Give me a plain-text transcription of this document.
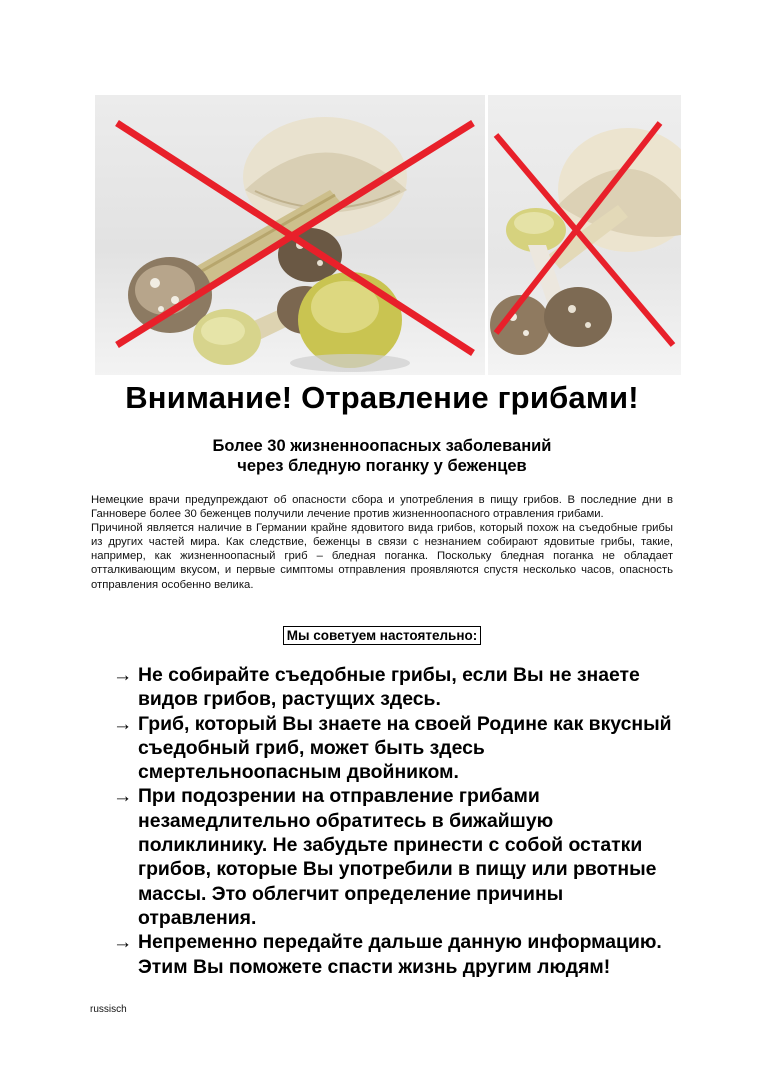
Внимание! Отравление грибами!
Более 30 жизненноопасных заболеваний
через бледную поганку у беженцев

Немецкие врачи предупреждают об опасности сбора и употребления в пищу грибов. В последние дни в Ганновере более 30 беженцев получили лечение против жизненноопасного отравления грибами.

Причиной является наличие в Германии крайне ядовитого вида грибов, который похож на съедобные грибы из других частей мира. Как следствие, беженцы в связи с незнанием собирают ядовитые грибы, такие, например, как жизненноопасный гриб – бледная поганка. Поскольку бледная поганка не обладает отталкивающим вкусом, и первые симптомы отправления проявляются спустя несколько часов, опасность отправления особенно велика.

Мы советуем настоятельно:
→ Не собирайте съедобные грибы, если Вы не знаете видов грибов, растущих здесь.
→ Гриб, который Вы знаете на своей Родине как вкусный съедобный гриб, может быть здесь смертельноопасным двойником.
→ При подозрении на отправление грибами незамедлительно обратитесь в бижайшую поликлинику. Не забудьте принести с собой остатки грибов, которые Вы употребили в пищу или рвотные массы. Это облегчит определение причины отравления.
→ Непременно передайте дальше данную информацию. Этим Вы поможете спасти жизнь другим людям!
russisch
